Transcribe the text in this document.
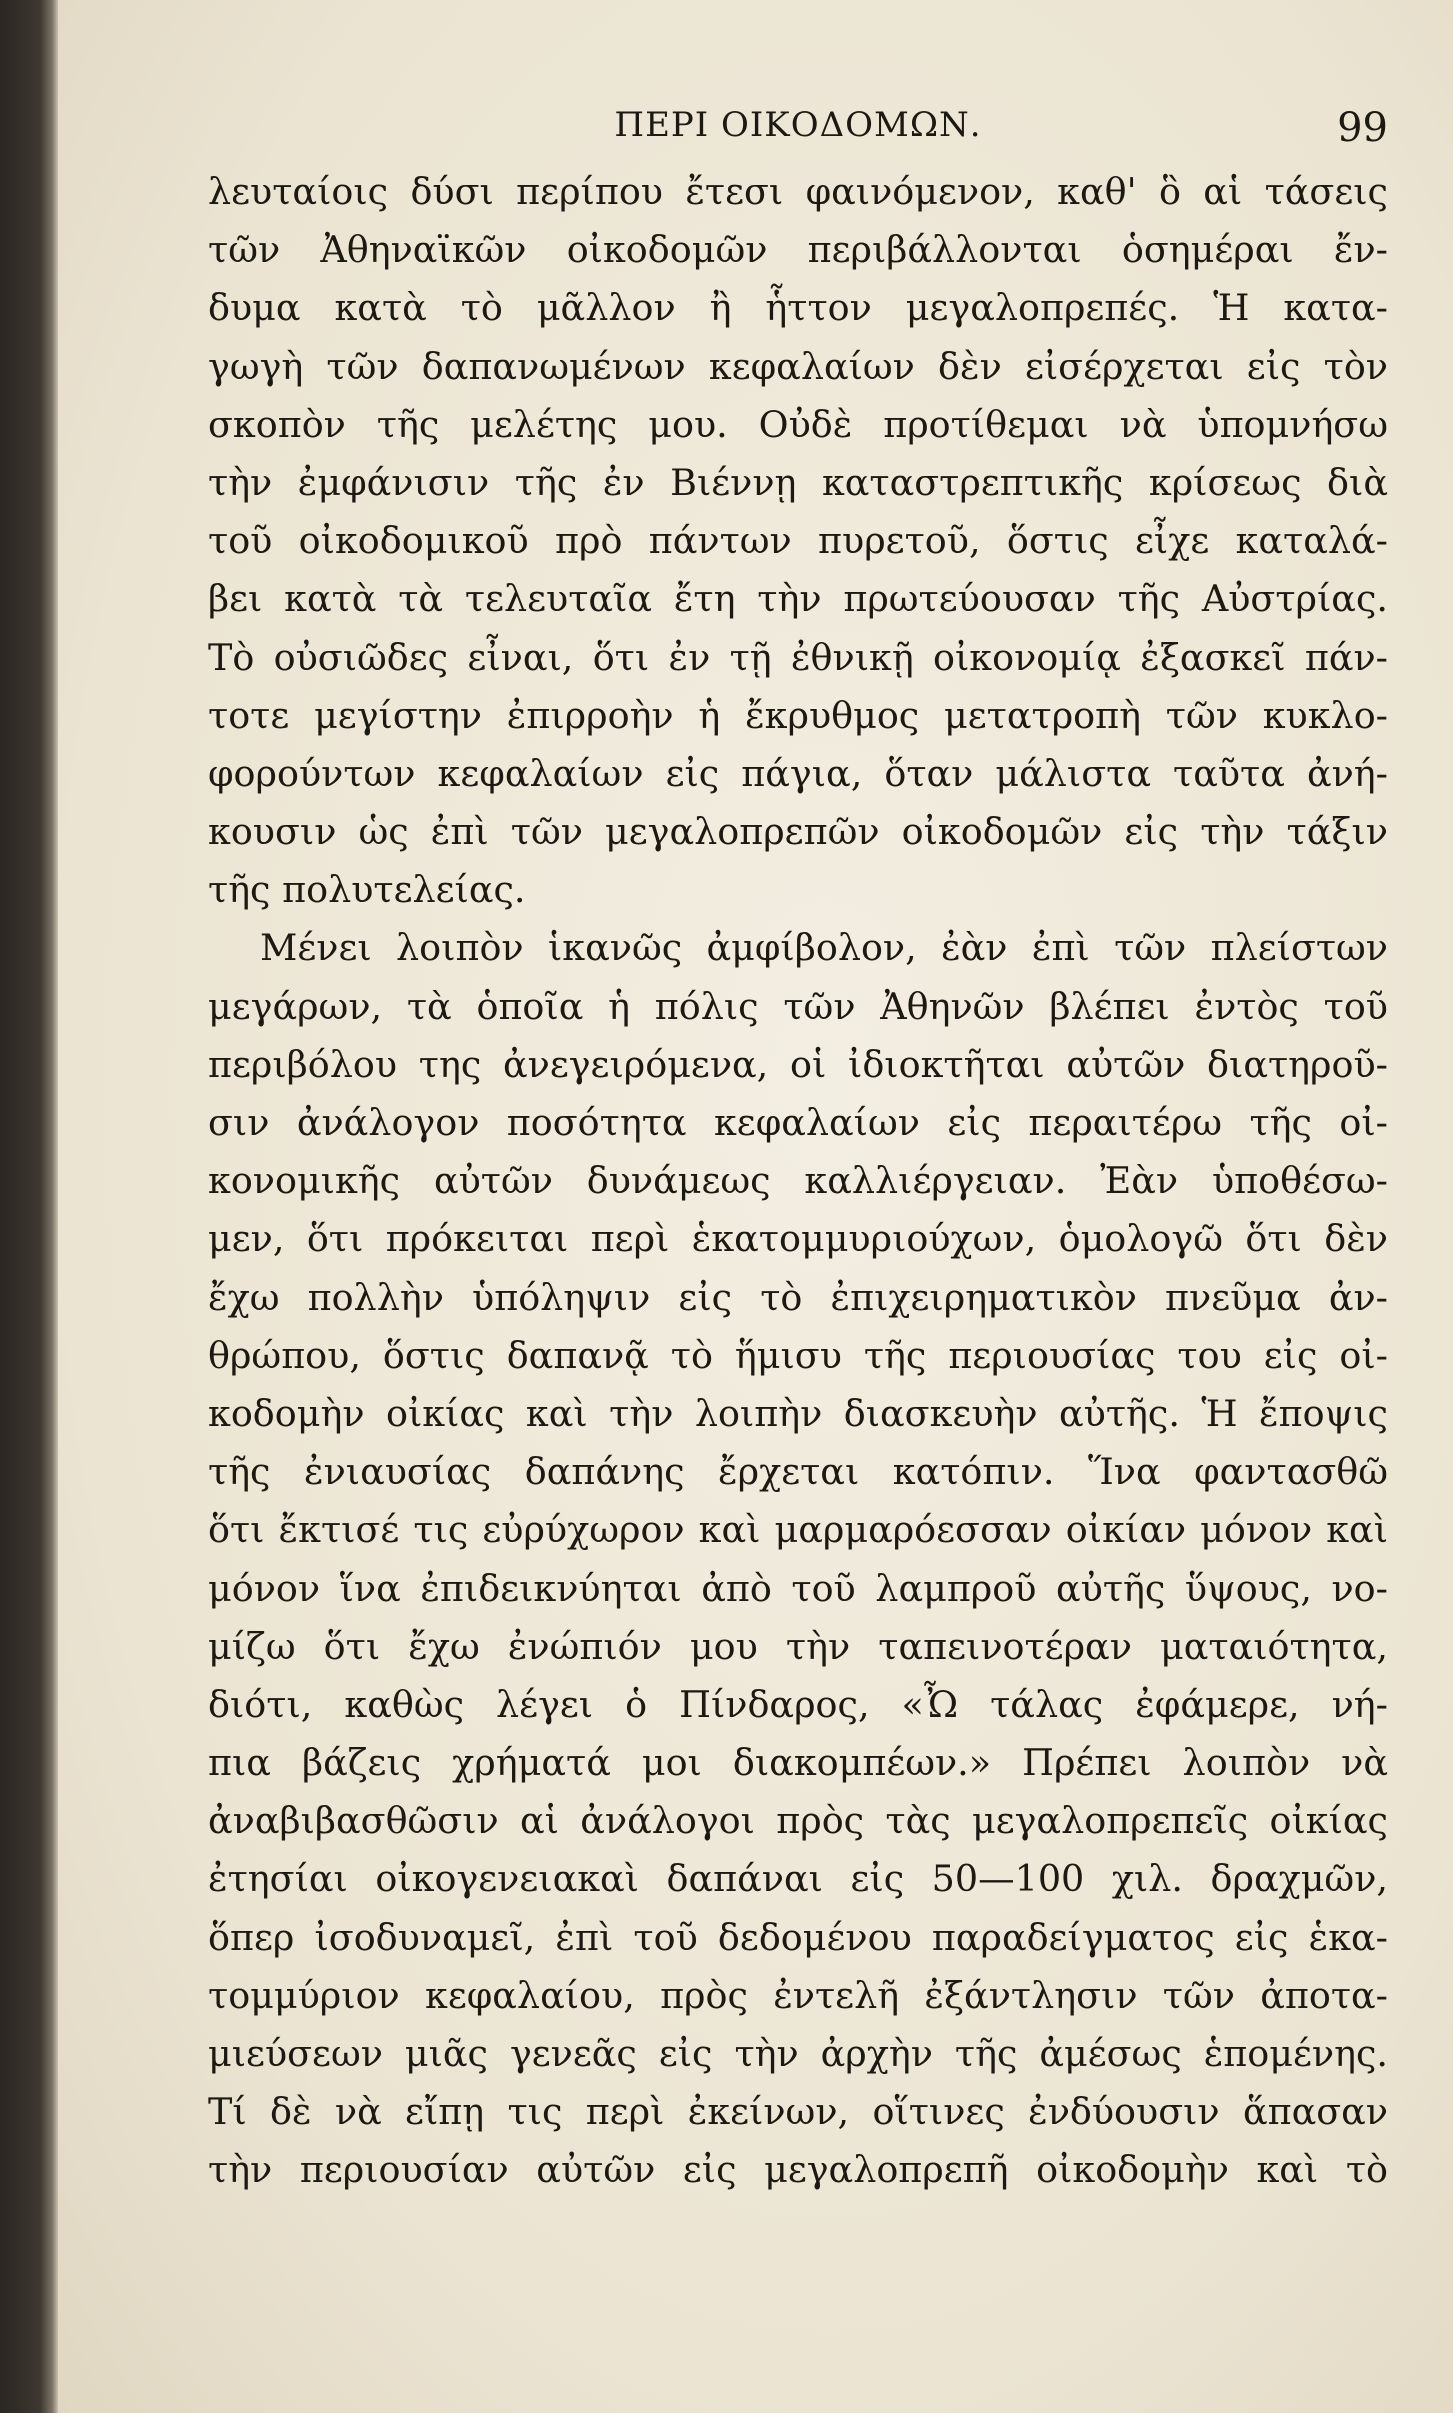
ΠΕΡΙ ΟΙΚΟΔΟΜΩΝ.	99
λευταίοις δύσι περίπου ἔτεσι φαινόμενον, καθ' ὃ αἱ τάσεις
τῶν Ἀθηναϊκῶν οἰκοδομῶν περιβάλλονται ὁσημέραι ἔν-
δυμα κατὰ τὸ μᾶλλον ἢ ἧττον μεγαλοπρεπές. Ἡ κατα-
γωγὴ τῶν δαπανωμένων κεφαλαίων δὲν εἰσέρχεται εἰς τὸν
σκοπὸν τῆς μελέτης μου. Οὐδὲ προτίθεμαι νὰ ὑπομνήσω
τὴν ἐμφάνισιν τῆς ἐν Βιέννῃ καταστρεπτικῆς κρίσεως διὰ
τοῦ οἰκοδομικοῦ πρὸ πάντων πυρετοῦ, ὅστις εἶχε καταλά-
βει κατὰ τὰ τελευταῖα ἔτη τὴν πρωτεύουσαν τῆς Αὐστρίας.
Τὸ οὐσιῶδες εἶναι, ὅτι ἐν τῇ ἐθνικῇ οἰκονομίᾳ ἐξασκεῖ πάν-
τοτε μεγίστην ἐπιρροὴν ἡ ἔκρυθμος μετατροπὴ τῶν κυκλο-
φορούντων κεφαλαίων εἰς πάγια, ὅταν μάλιστα ταῦτα ἀνή-
κουσιν ὡς ἐπὶ τῶν μεγαλοπρεπῶν οἰκοδομῶν εἰς τὴν τάξιν
τῆς πολυτελείας.
Μένει λοιπὸν ἱκανῶς ἀμφίβολον, ἐὰν ἐπὶ τῶν πλείστων
μεγάρων, τὰ ὁποῖα ἡ πόλις τῶν Ἀθηνῶν βλέπει ἐντὸς τοῦ
περιβόλου της ἀνεγειρόμενα, οἱ ἰδιοκτῆται αὐτῶν διατηροῦ-
σιν ἀνάλογον ποσότητα κεφαλαίων εἰς περαιτέρω τῆς οἰ-
κονομικῆς αὐτῶν δυνάμεως καλλιέργειαν. Ἐὰν ὑποθέσω-
μεν, ὅτι πρόκειται περὶ ἑκατομμυριούχων, ὁμολογῶ ὅτι δὲν
ἔχω πολλὴν ὑπόληψιν εἰς τὸ ἐπιχειρηματικὸν πνεῦμα ἀν-
θρώπου, ὅστις δαπανᾷ τὸ ἥμισυ τῆς περιουσίας του εἰς οἰ-
κοδομὴν οἰκίας καὶ τὴν λοιπὴν διασκευὴν αὐτῆς. Ἡ ἔποψις
τῆς ἐνιαυσίας δαπάνης ἔρχεται κατόπιν. Ἵνα φαντασθῶ
ὅτι ἔκτισέ τις εὐρύχωρον καὶ μαρμαρόεσσαν οἰκίαν μόνον καὶ
μόνον ἵνα ἐπιδεικνύηται ἀπὸ τοῦ λαμπροῦ αὐτῆς ὕψους, νο-
μίζω ὅτι ἔχω ἐνώπιόν μου τὴν ταπεινοτέραν ματαιότητα,
διότι, καθὼς λέγει ὁ Πίνδαρος, «Ὦ τάλας ἐφάμερε, νή-
πια βάζεις χρήματά μοι διακομπέων.» Πρέπει λοιπὸν νὰ
ἀναβιβασθῶσιν αἱ ἀνάλογοι πρὸς τὰς μεγαλοπρεπεῖς οἰκίας
ἐτησίαι οἰκογενειακαὶ δαπάναι εἰς 50—100 χιλ. δραχμῶν,
ὅπερ ἰσοδυναμεῖ, ἐπὶ τοῦ δεδομένου παραδείγματος εἰς ἑκα-
τομμύριον κεφαλαίου, πρὸς ἐντελῆ ἐξάντλησιν τῶν ἀποτα-
μιεύσεων μιᾶς γενεᾶς εἰς τὴν ἀρχὴν τῆς ἀμέσως ἑπομένης.
Τί δὲ νὰ εἴπῃ τις περὶ ἐκείνων, οἵτινες ἐνδύουσιν ἅπασαν
τὴν περιουσίαν αὐτῶν εἰς μεγαλοπρεπῆ οἰκοδομὴν καὶ τὸ
